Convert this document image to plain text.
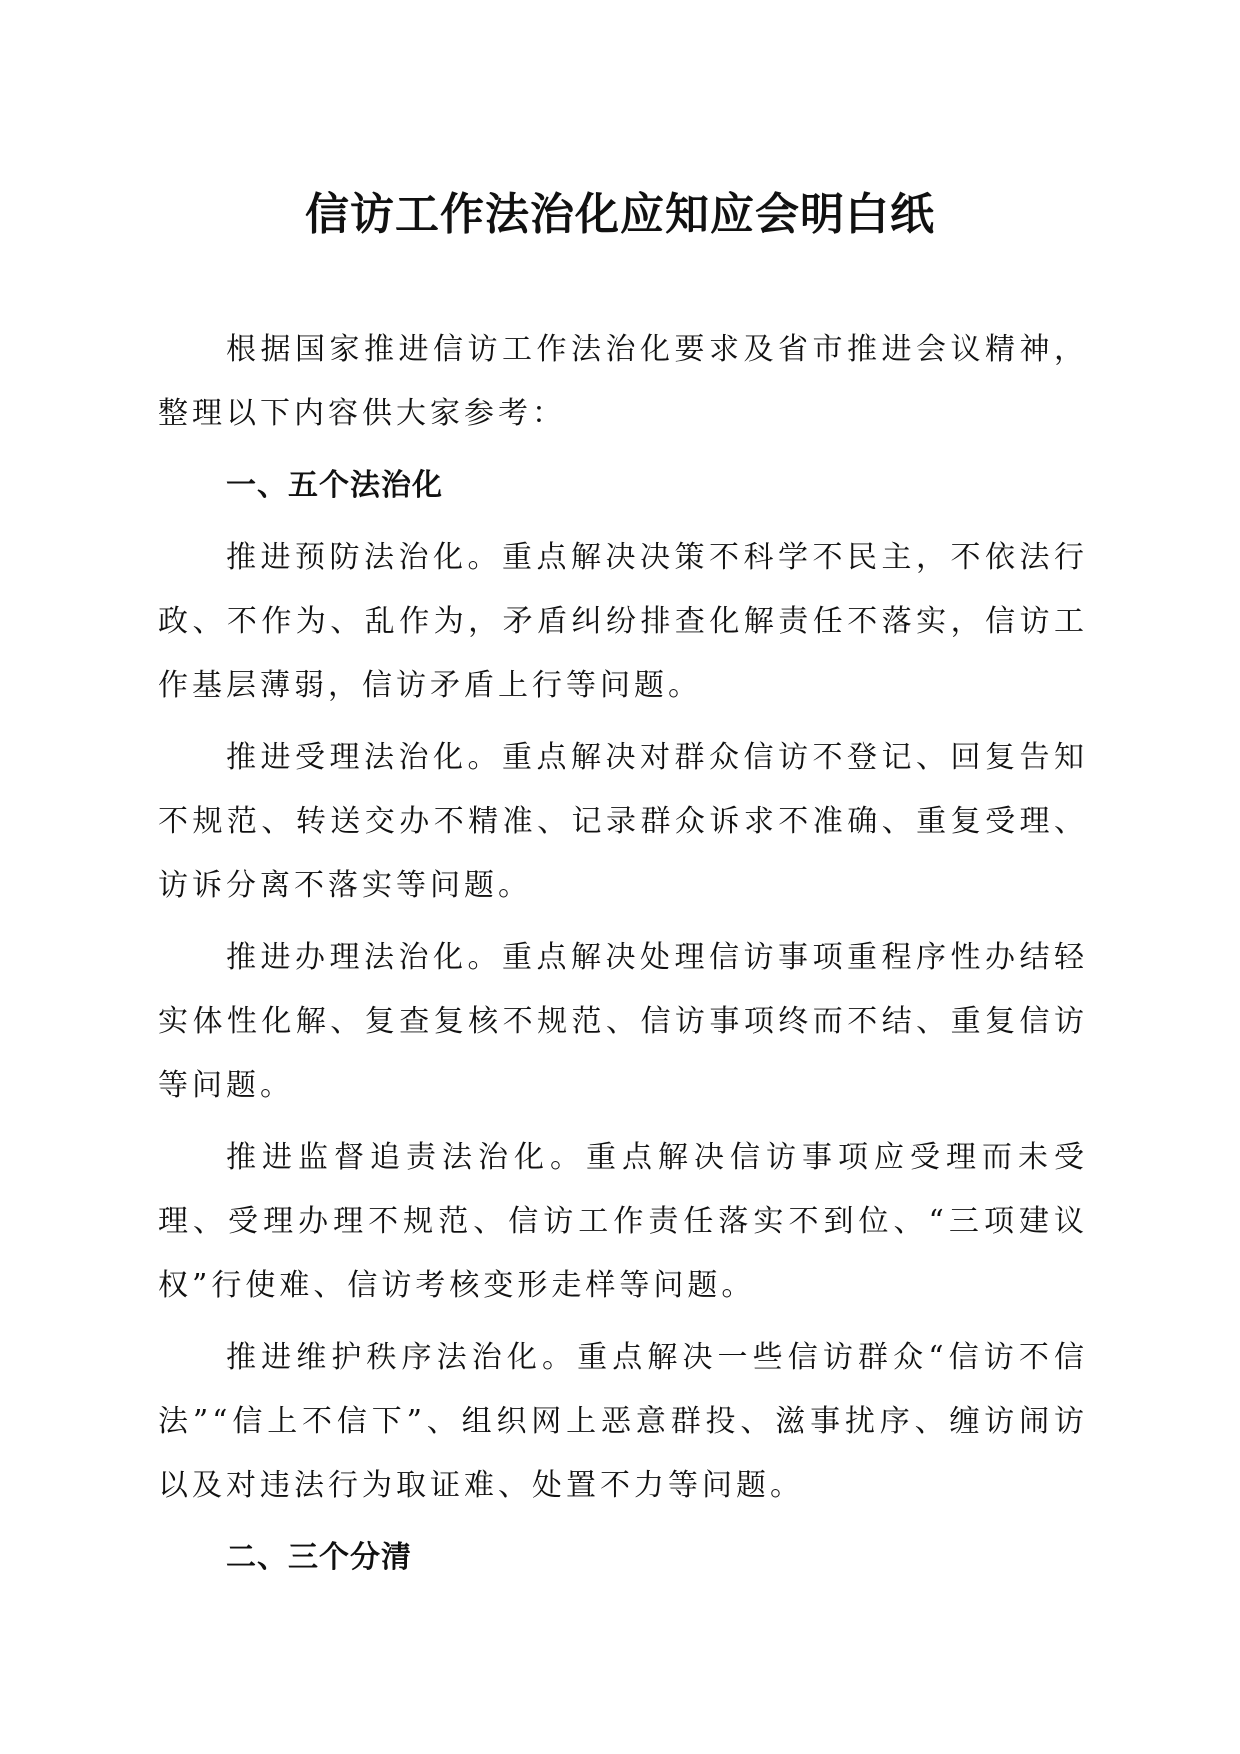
信访工作法治化应知应会明白纸

根据国家推进信访工作法治化要求及省市推进会议精神，整理以下内容供大家参考：

一、五个法治化

推进预防法治化。重点解决决策不科学不民主，不依法行政、不作为、乱作为，矛盾纠纷排查化解责任不落实，信访工作基层薄弱，信访矛盾上行等问题。

推进受理法治化。重点解决对群众信访不登记、回复告知不规范、转送交办不精准、记录群众诉求不准确、重复受理、访诉分离不落实等问题。

推进办理法治化。重点解决处理信访事项重程序性办结轻实体性化解、复查复核不规范、信访事项终而不结、重复信访等问题。

推进监督追责法治化。重点解决信访事项应受理而未受理、受理办理不规范、信访工作责任落实不到位、“三项建议权”行使难、信访考核变形走样等问题。

推进维护秩序法治化。重点解决一些信访群众“信访不信法”“信上不信下”、组织网上恶意群投、滋事扰序、缠访闹访以及对违法行为取证难、处置不力等问题。

二、三个分清
